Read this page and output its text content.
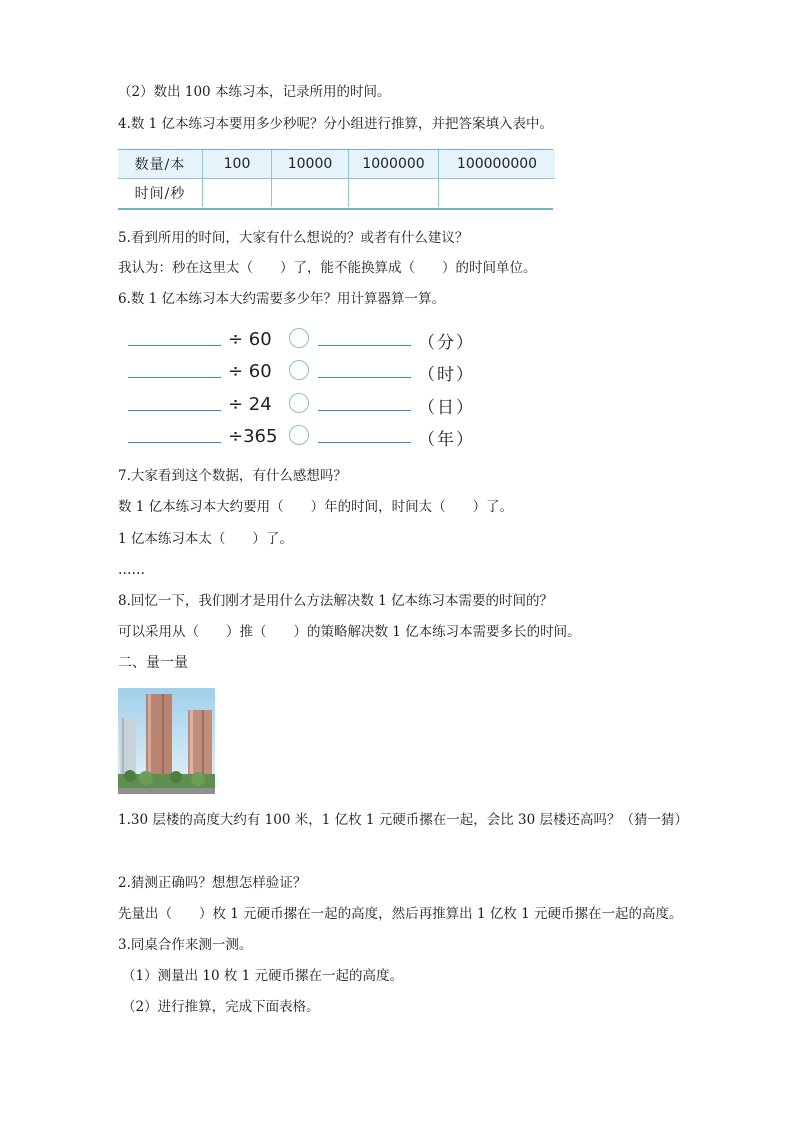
（2）数出 100 本练习本，记录所用的时间。
4.数 1 亿本练习本要用多少秒呢？分小组进行推算，并把答案填入表中。
数量/本	100	10000	1000000	100000000
时间/秒				
5.看到所用的时间，大家有什么想说的？或者有什么建议？
我认为：秒在这里太（　　）了，能不能换算成（　　）的时间单位。
6.数 1 亿本练习本大约需要多少年？用计算器算一算。
÷ 60	（分）
÷ 60	（时）
÷ 24	（日）
÷365	（年）
7.大家看到这个数据，有什么感想吗？
数 1 亿本练习本大约要用（　　）年的时间，时间太（　　）了。
1 亿本练习本太（　　）了。
……
8.回忆一下，我们刚才是用什么方法解决数 1 亿本练习本需要的时间的？
可以采用从（　　）推（　　）的策略解决数 1 亿本练习本需要多长的时间。
二、量一量
1.30 层楼的高度大约有 100 米，1 亿枚 1 元硬币摞在一起，会比 30 层楼还高吗？（猜一猜）
2.猜测正确吗？想想怎样验证？
先量出（　　）枚 1 元硬币摞在一起的高度，然后再推算出 1 亿枚 1 元硬币摞在一起的高度。
3.同桌合作来测一测。
（1）测量出 10 枚 1 元硬币摞在一起的高度。
（2）进行推算，完成下面表格。
